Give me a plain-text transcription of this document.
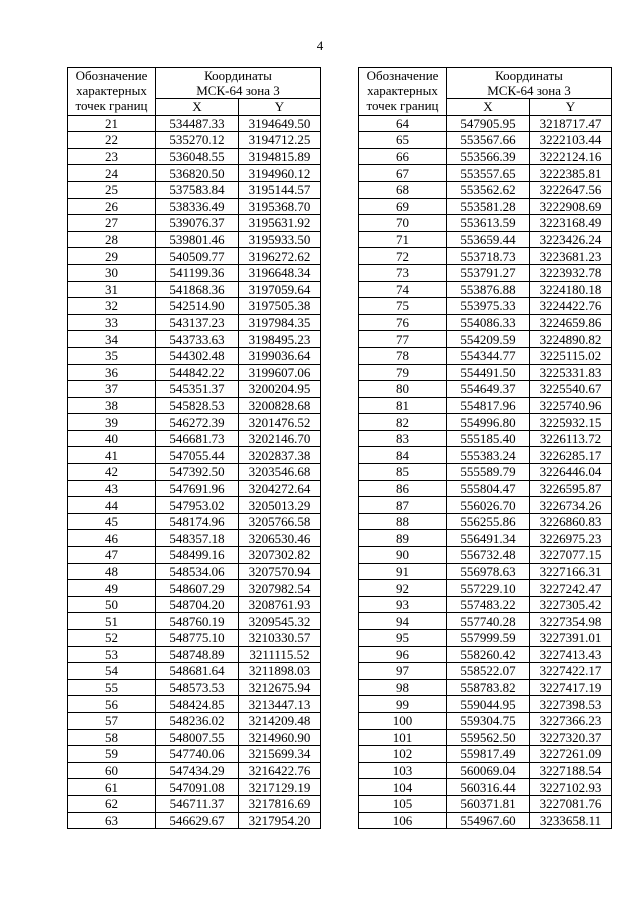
4
Обозначение
характерных
точек границ	Координаты
МСК-64 зона 3	

	X	Y
21	534487.33	3194649.50
22	535270.12	3194712.25
23	536048.55	3194815.89
24	536820.50	3194960.12
25	537583.84	3195144.57
26	538336.49	3195368.70
27	539076.37	3195631.92
28	539801.46	3195933.50
29	540509.77	3196272.62
30	541199.36	3196648.34
31	541868.36	3197059.64
32	542514.90	3197505.38
33	543137.23	3197984.35
34	543733.63	3198495.23
35	544302.48	3199036.64
36	544842.22	3199607.06
37	545351.37	3200204.95
38	545828.53	3200828.68
39	546272.39	3201476.52
40	546681.73	3202146.70
41	547055.44	3202837.38
42	547392.50	3203546.68
43	547691.96	3204272.64
44	547953.02	3205013.29
45	548174.96	3205766.58
46	548357.18	3206530.46
47	548499.16	3207302.82
48	548534.06	3207570.94
49	548607.29	3207982.54
50	548704.20	3208761.93
51	548760.19	3209545.32
52	548775.10	3210330.57
53	548748.89	3211115.52
54	548681.64	3211898.03
55	548573.53	3212675.94
56	548424.85	3213447.13
57	548236.02	3214209.48
58	548007.55	3214960.90
59	547740.06	3215699.34
60	547434.29	3216422.76
61	547091.08	3217129.19
62	546711.37	3217816.69
63	546629.67	3217954.20
Обозначение
характерных
точек границ	Координаты
МСК-64 зона 3	

	X	Y
64	547905.95	3218717.47
65	553567.66	3222103.44
66	553566.39	3222124.16
67	553557.65	3222385.81
68	553562.62	3222647.56
69	553581.28	3222908.69
70	553613.59	3223168.49
71	553659.44	3223426.24
72	553718.73	3223681.23
73	553791.27	3223932.78
74	553876.88	3224180.18
75	553975.33	3224422.76
76	554086.33	3224659.86
77	554209.59	3224890.82
78	554344.77	3225115.02
79	554491.50	3225331.83
80	554649.37	3225540.67
81	554817.96	3225740.96
82	554996.80	3225932.15
83	555185.40	3226113.72
84	555383.24	3226285.17
85	555589.79	3226446.04
86	555804.47	3226595.87
87	556026.70	3226734.26
88	556255.86	3226860.83
89	556491.34	3226975.23
90	556732.48	3227077.15
91	556978.63	3227166.31
92	557229.10	3227242.47
93	557483.22	3227305.42
94	557740.28	3227354.98
95	557999.59	3227391.01
96	558260.42	3227413.43
97	558522.07	3227422.17
98	558783.82	3227417.19
99	559044.95	3227398.53
100	559304.75	3227366.23
101	559562.50	3227320.37
102	559817.49	3227261.09
103	560069.04	3227188.54
104	560316.44	3227102.93
105	560371.81	3227081.76
106	554967.60	3233658.11
